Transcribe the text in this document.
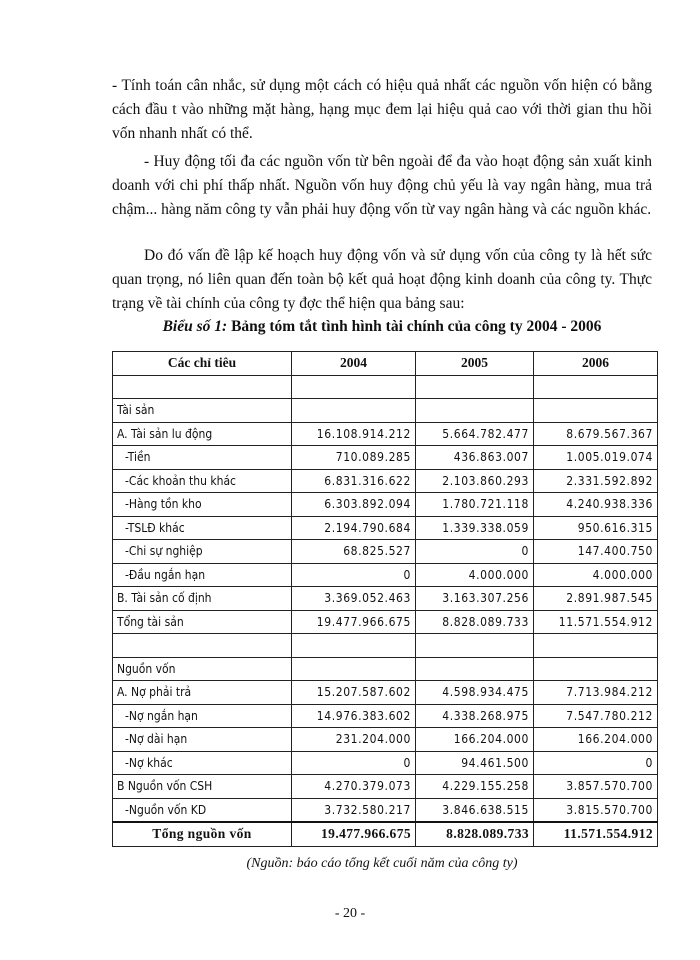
- Tính toán cân nhắc, sử dụng một cách có hiệu quả nhất các nguồn vốn hiện có bằng cách đầu t vào những mặt hàng, hạng mục đem lại hiệu quả cao với thời gian thu hồi vốn nhanh nhất có thể.

- Huy động tối đa các nguồn vốn từ bên ngoài để đa vào hoạt động sản xuất kinh doanh với chi phí thấp nhất. Nguồn vốn huy động chủ yếu là vay ngân hàng, mua trả chậm... hàng năm công ty vẫn phải huy động vốn từ vay ngân hàng và các nguồn khác.

Do đó vấn đề lập kế hoạch huy động vốn và sử dụng vốn của công ty là hết sức quan trọng, nó liên quan đến toàn bộ kết quả hoạt động kinh doanh của công ty. Thực trạng về tài chính của công ty đợc thể hiện qua bảng sau:

Biểu số 1: Bảng tóm tắt tình hình tài chính của công ty 2004 - 2006

Các chỉ tiêu	2004	2005	2006

Tài sản			
A. Tài sản lu động	16.108.914.212	5.664.782.477	8.679.567.367
-Tiền	710.089.285	436.863.007	1.005.019.074
-Các khoản thu khác	6.831.316.622	2.103.860.293	2.331.592.892
-Hàng tồn kho	6.303.892.094	1.780.721.118	4.240.938.336
-TSLĐ khác	2.194.790.684	1.339.338.059	950.616.315
-Chi sự nghiệp	68.825.527	0	147.400.750
-Đầu ngắn hạn	0	4.000.000	4.000.000
B. Tài sản cố định	3.369.052.463	3.163.307.256	2.891.987.545
Tổng tài sản	19.477.966.675	8.828.089.733	11.571.554.912

Nguồn vốn			
A. Nợ phải trả	15.207.587.602	4.598.934.475	7.713.984.212
-Nợ ngắn hạn	14.976.383.602	4.338.268.975	7.547.780.212
-Nợ dài hạn	231.204.000	166.204.000	166.204.000
-Nợ khác	0	94.461.500	0
B Nguồn vốn CSH	4.270.379.073	4.229.155.258	3.857.570.700
-Nguồn vốn KD	3.732.580.217	3.846.638.515	3.815.570.700
Tổng nguồn vốn	19.477.966.675	8.828.089.733	11.571.554.912

(Nguồn: báo cáo tổng kết cuối năm của công ty)

- 20 -
